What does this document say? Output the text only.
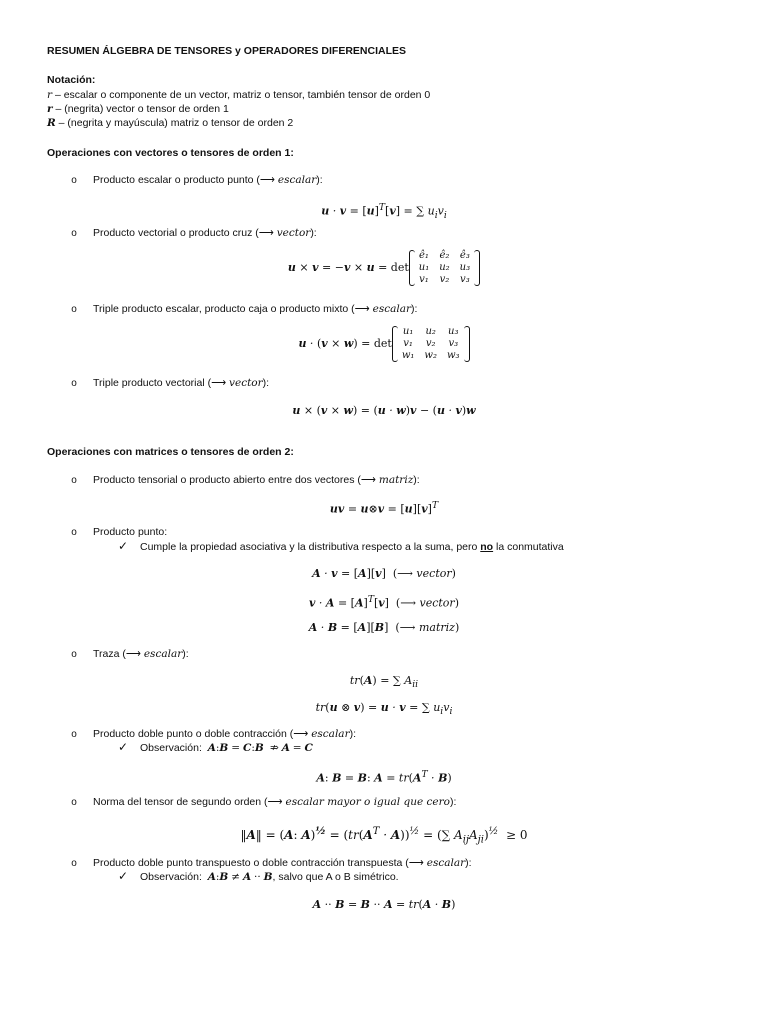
RESUMEN ÁLGEBRA DE TENSORES y OPERADORES DIFERENCIALES
Notación:
r – escalar o componente de un vector, matriz o tensor, también tensor de orden 0
r – (negrita) vector o tensor de orden 1
R – (negrita y mayúscula) matriz o tensor de orden 2
Operaciones con vectores o tensores de orden 1:
o Producto escalar o producto punto (⟶ escalar):
$u \cdot v = [u]^T[v]$ = ∑ $u_iv_i$
o Producto vectorial o producto cruz (⟶ vector):
u × v = −v × u = det
ê₁	ê₂	ê₃
u₁	u₂	u₃
v₁	v₂	v₃
o Triple producto escalar, producto caja o producto mixto (⟶ escalar):
u · (v × w) = det
u₁	u₂	u₃
v₁	v₂	v₃
w₁	w₂	w₃
o Triple producto vectorial (⟶ vector):
u × (v × w) = (u · w)v − (u · v)w
Operaciones con matrices o tensores de orden 2:
o Producto tensorial o producto abierto entre dos vectores (⟶ matriz):
uv = u⊗v = $[u][v]^T$
o Producto punto:
✓ Cumple la propiedad asociativa y la distributiva respecto a la suma, pero no la conmutativa
A · v = [A][v]  (⟶ vector)
$v \cdot A = [A]^T[v]$  (⟶ vector)
A · B = [A][B]  (⟶ matriz)
o Traza (⟶ escalar):
tr(A) = ∑ $A_{ii}$
tr(u ⊗ v) = u · v = ∑ $u_iv_i$
o Producto doble punto o doble contracción (⟶ escalar):
✓ Observación: A:B = C:B  ⇏ A = C
A: B = B: $A = tr(A^T \cdot B)$
o Norma del tensor de segundo orden (⟶ escalar mayor o igual que cero):
‖A‖ = (A: $A)^{\frac{1}{2}} = (tr(A^T \cdot A))^{\frac{1}{2}}$ = (∑ $A_{ij}A_{ji})^{\frac{1}{2}} \ge 0$
o Producto doble punto transpuesto o doble contracción transpuesta (⟶ escalar):
✓ Observación: A:B ≠ A ·· B, salvo que A o B simétrico.
A ·· B = B ·· A = tr(A · B)
